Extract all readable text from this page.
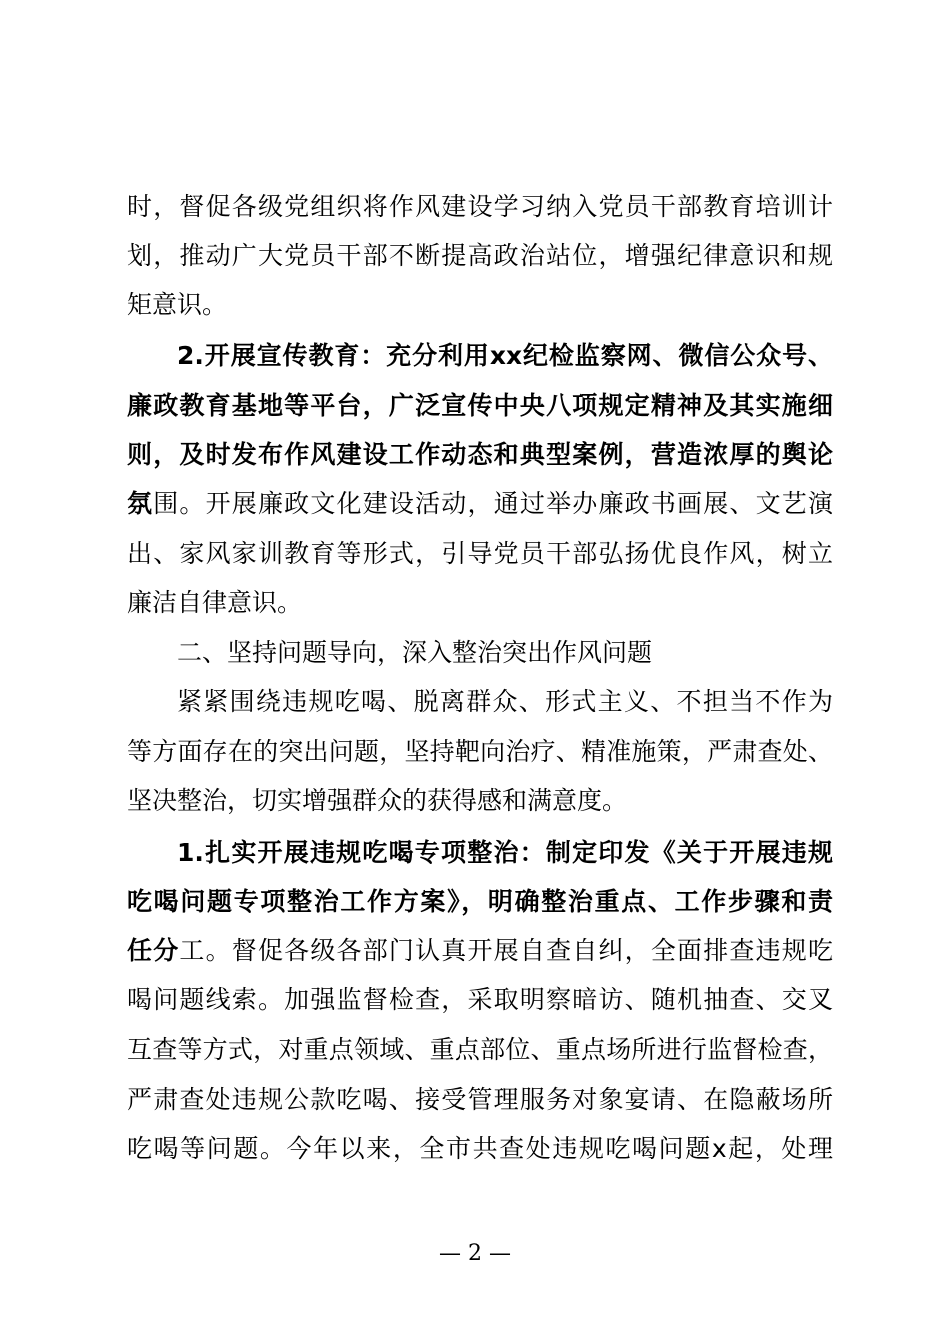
时，督促各级党组织将作风建设学习纳入党员干部教育培训计
划，推动广大党员干部不断提高政治站位，增强纪律意识和规
矩意识。
2.开展宣传教育：充分利用xx纪检监察网、微信公众号、
廉政教育基地等平台，广泛宣传中央八项规定精神及其实施细
则，及时发布作风建设工作动态和典型案例，营造浓厚的舆论
氛围。开展廉政文化建设活动，通过举办廉政书画展、文艺演
出、家风家训教育等形式，引导党员干部弘扬优良作风，树立
廉洁自律意识。
二、坚持问题导向，深入整治突出作风问题
紧紧围绕违规吃喝、脱离群众、形式主义、不担当不作为
等方面存在的突出问题，坚持靶向治疗、精准施策，严肃查处、
坚决整治，切实增强群众的获得感和满意度。
1.扎实开展违规吃喝专项整治：制定印发《关于开展违规
吃喝问题专项整治工作方案》，明确整治重点、工作步骤和责
任分工。督促各级各部门认真开展自查自纠，全面排查违规吃
喝问题线索。加强监督检查，采取明察暗访、随机抽查、交叉
互查等方式，对重点领域、重点部位、重点场所进行监督检查，
严肃查处违规公款吃喝、接受管理服务对象宴请、在隐蔽场所
吃喝等问题。今年以来，全市共查处违规吃喝问题x起，处理
— 2 —
